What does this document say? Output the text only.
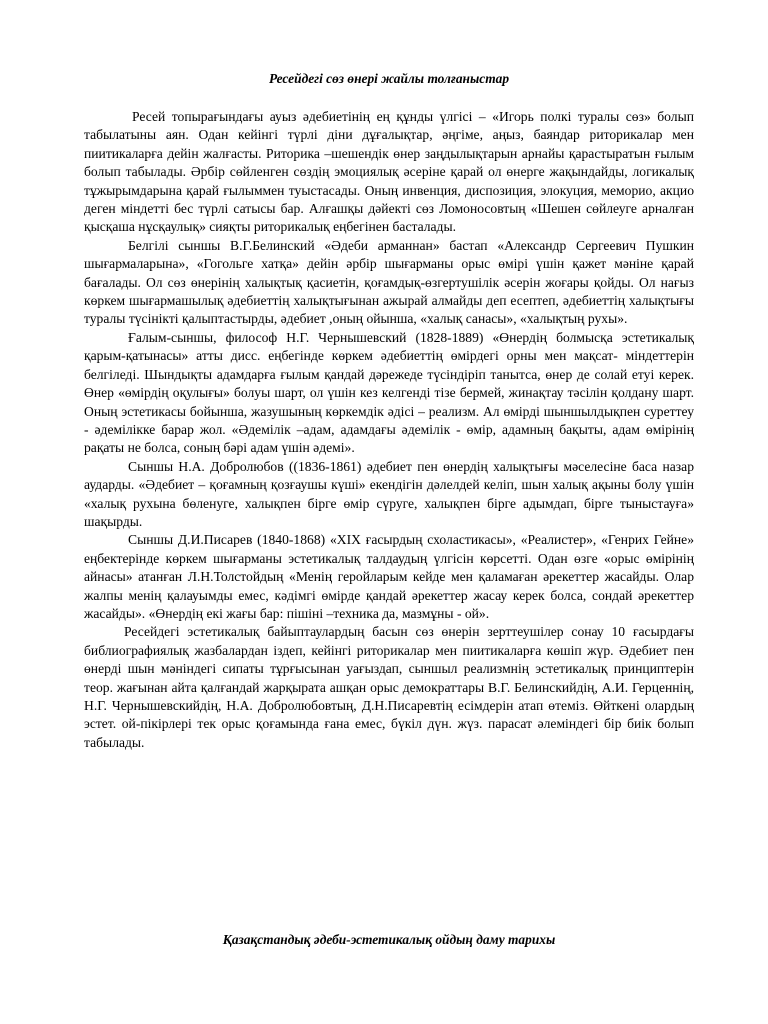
Ресейдегі сөз өнері жайлы толғаныстар

Ресей топырағындағы ауыз әдебиетінің ең құнды үлгісі – «Игорь полкі туралы сөз» болып табылатыны аян. Одан кейінгі түрлі діни дұғалықтар, әңгіме, аңыз, баяндар риторикалар мен пиитикаларға дейін жалғасты. Риторика –шешендік өнер заңдылықтарын арнайы қарастыратын ғылым болып табылады. Әрбір сөйленген сөздің эмоциялық әсеріне қарай ол өнерге жақындайды, логикалық тұжырымдарына қарай ғылыммен туыстасады. Оның инвенция, диспозиция, элокуция, меморио, акцио деген міндетті бес түрлі сатысы бар. Алғашқы дәйекті сөз Ломоносовтың «Шешен сөйлеуге арналған қысқаша нұсқаулық» сияқты риторикалық еңбегінен басталады.

Белгілі сыншы В.Г.Белинский «Әдеби арманнан» бастап «Александр Сергеевич Пушкин шығармаларына», «Гогольге хатқа» дейін әрбір шығарманы орыс өмірі үшін қажет мәніне қарай бағалады. Ол сөз өнерінің халықтық қасиетін, қоғамдық-өзгертушілік әсерін жоғары қойды. Ол нағыз көркем шығармашылық әдебиеттің халықтығынан ажырай алмайды деп есептеп, әдебиеттің халықтығы туралы түсінікті қалыптастырды, әдебиет ,оның ойынша, «халық санасы», «халықтың рухы».

Ғалым-сыншы, философ Н.Г. Чернышевский (1828-1889) «Өнердің болмысқа эстетикалық қарым-қатынасы» атты дисс. еңбегінде көркем әдебиеттің өмірдегі орны мен мақсат- міндеттерін белгіледі. Шындықты адамдарға ғылым қандай дәрежеде түсіндіріп танытса, өнер де солай етуі керек. Өнер «өмірдің оқулығы» болуы шарт, ол үшін кез келгенді тізе бермей, жинақтау тәсілін қолдану шарт. Оның эстетикасы бойынша, жазушының көркемдік әдісі – реализм. Ал өмірді шыншылдықпен суреттеу - әдемілікке барар жол. «Әдемілік –адам, адамдағы әдемілік - өмір, адамның бақыты, адам өмірінің рақаты не болса, соның бәрі адам үшін әдемі».

Сыншы Н.А. Добролюбов ((1836-1861) әдебиет пен өнердің халықтығы мәселесіне баса назар аударды. «Әдебиет – қоғамның қозғаушы күші» екендігін дәлелдей келіп, шын халық ақыны болу үшін «халық рухына бөленуге, халықпен бірге өмір сүруге, халықпен бірге адымдап, бірге тыныстауға» шақырды.

Сыншы Д.И.Писарев (1840-1868) «ХІХ ғасырдың схоластикасы», «Реалистер», «Генрих Гейне» еңбектерінде көркем шығарманы эстетикалық талдаудың үлгісін көрсетті. Одан өзге «орыс өмірінің айнасы» атанған Л.Н.Толстойдың «Менің геройларым кейде мен қаламаған әрекеттер жасайды. Олар жалпы менің қалауымды емес, кәдімгі өмірде қандай әрекеттер жасау керек болса, сондай әрекеттер жасайды». «Өнердің екі жағы бар: пішіні –техника да, мазмұны - ой».

Ресейдегі эстетикалық байыптаулардың басын сөз өнерін зерттеушілер сонау 10 ғасырдағы библиографиялық жазбалардан іздеп, кейінгі риторикалар мен пиитикаларға көшіп жүр. Әдебиет пен өнерді шын мәніндегі сипаты тұрғысынан уағыздап, сыншыл реализмнің эстетикалық принциптерін теор. жағынан айта қалғандай жарқырата ашқан орыс демократтары В.Г. Белинскийдің, А.И. Герценнің, Н.Г. Чернышевскийдің, Н.А. Добролюбовтың, Д.Н.Писаревтің есімдерін атап өтеміз. Өйткені олардың эстет. ой-пікірлері тек орыс қоғамында ғана емес, бүкіл дүн. жүз. парасат әлеміндегі бір биік болып табылады.

Қазақстандық әдеби-эстетикалық ойдың даму тарихы
